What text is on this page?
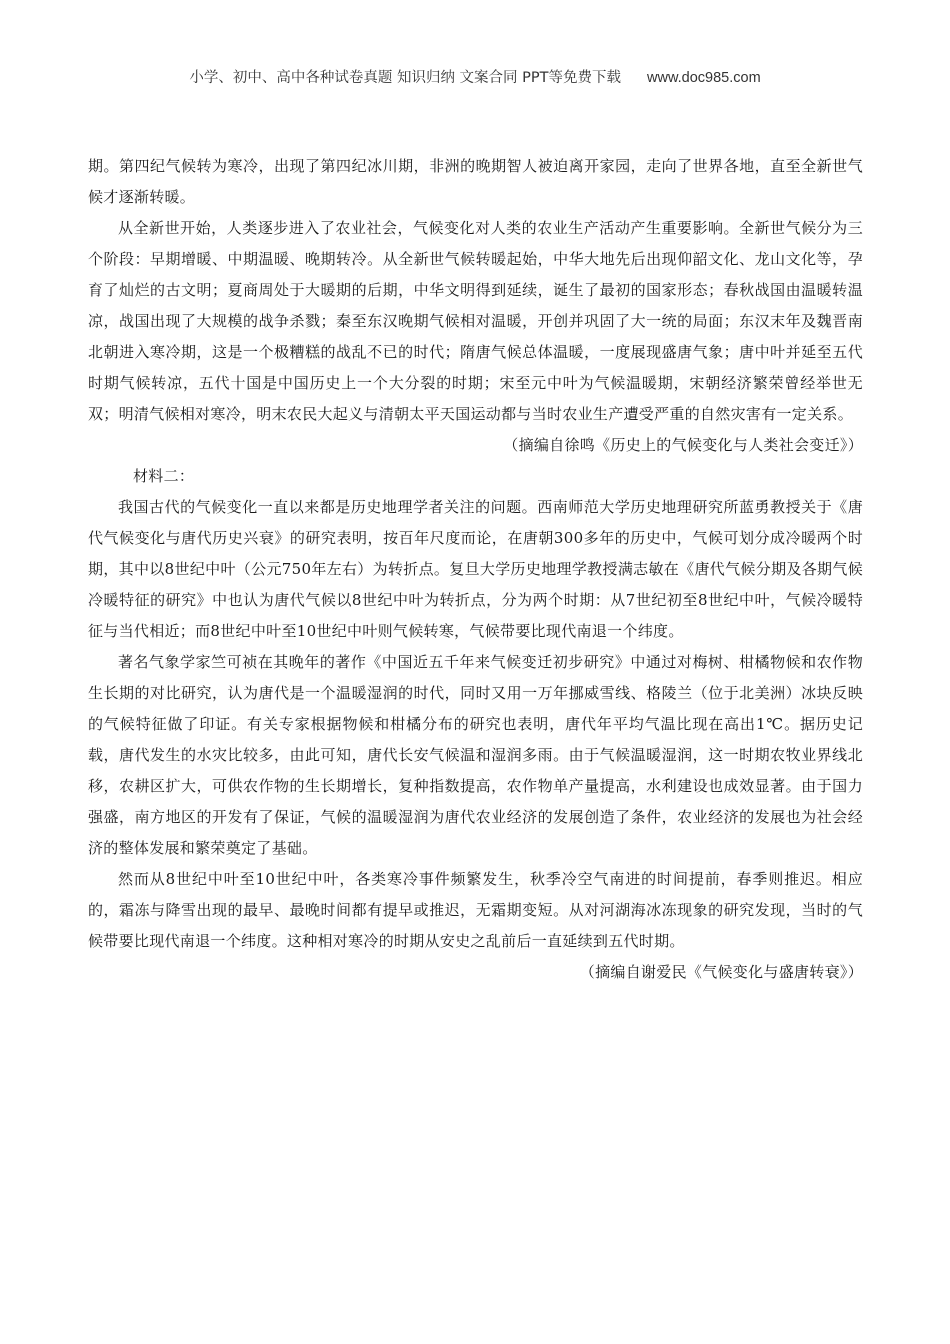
小学、初中、高中各种试卷真题 知识归纳 文案合同 PPT等免费下载 www.doc985.com

期。第四纪气候转为寒冷，出现了第四纪冰川期，非洲的晚期智人被迫离开家园，走向了世界各地，直至全新世气候才逐渐转暖。

从全新世开始，人类逐步进入了农业社会，气候变化对人类的农业生产活动产生重要影响。全新世气候分为三个阶段：早期增暖、中期温暖、晚期转冷。从全新世气候转暖起始，中华大地先后出现仰韶文化、龙山文化等，孕育了灿烂的古文明；夏商周处于大暖期的后期，中华文明得到延续，诞生了最初的国家形态；春秋战国由温暖转温凉，战国出现了大规模的战争杀戮；秦至东汉晚期气候相对温暖，开创并巩固了大一统的局面；东汉末年及魏晋南北朝进入寒冷期，这是一个极糟糕的战乱不已的时代；隋唐气候总体温暖，一度展现盛唐气象；唐中叶并延至五代时期气候转凉，五代十国是中国历史上一个大分裂的时期；宋至元中叶为气候温暖期，宋朝经济繁荣曾经举世无双；明清气候相对寒冷，明末农民大起义与清朝太平天国运动都与当时农业生产遭受严重的自然灾害有一定关系。

（摘编自徐鸣《历史上的气候变化与人类社会变迁》）

材料二：

我国古代的气候变化一直以来都是历史地理学者关注的问题。西南师范大学历史地理研究所蓝勇教授关于《唐代气候变化与唐代历史兴衰》的研究表明，按百年尺度而论，在唐朝300多年的历史中，气候可划分成冷暖两个时期，其中以8世纪中叶（公元750年左右）为转折点。复旦大学历史地理学教授满志敏在《唐代气候分期及各期气候冷暖特征的研究》中也认为唐代气候以8世纪中叶为转折点，分为两个时期：从7世纪初至8世纪中叶，气候冷暖特征与当代相近；而8世纪中叶至10世纪中叶则气候转寒，气候带要比现代南退一个纬度。

著名气象学家竺可祯在其晚年的著作《中国近五千年来气候变迁初步研究》中通过对梅树、柑橘物候和农作物生长期的对比研究，认为唐代是一个温暖湿润的时代，同时又用一万年挪威雪线、格陵兰（位于北美洲）冰块反映的气候特征做了印证。有关专家根据物候和柑橘分布的研究也表明，唐代年平均气温比现在高出1℃。据历史记载，唐代发生的水灾比较多，由此可知，唐代长安气候温和湿润多雨。由于气候温暖湿润，这一时期农牧业界线北移，农耕区扩大，可供农作物的生长期增长，复种指数提高，农作物单产量提高，水利建设也成效显著。由于国力强盛，南方地区的开发有了保证，气候的温暖湿润为唐代农业经济的发展创造了条件，农业经济的发展也为社会经济的整体发展和繁荣奠定了基础。

然而从8世纪中叶至10世纪中叶，各类寒冷事件频繁发生，秋季冷空气南进的时间提前，春季则推迟。相应的，霜冻与降雪出现的最早、最晚时间都有提早或推迟，无霜期变短。从对河湖海冰冻现象的研究发现，当时的气候带要比现代南退一个纬度。这种相对寒冷的时期从安史之乱前后一直延续到五代时期。

（摘编自谢爱民《气候变化与盛唐转衰》）
